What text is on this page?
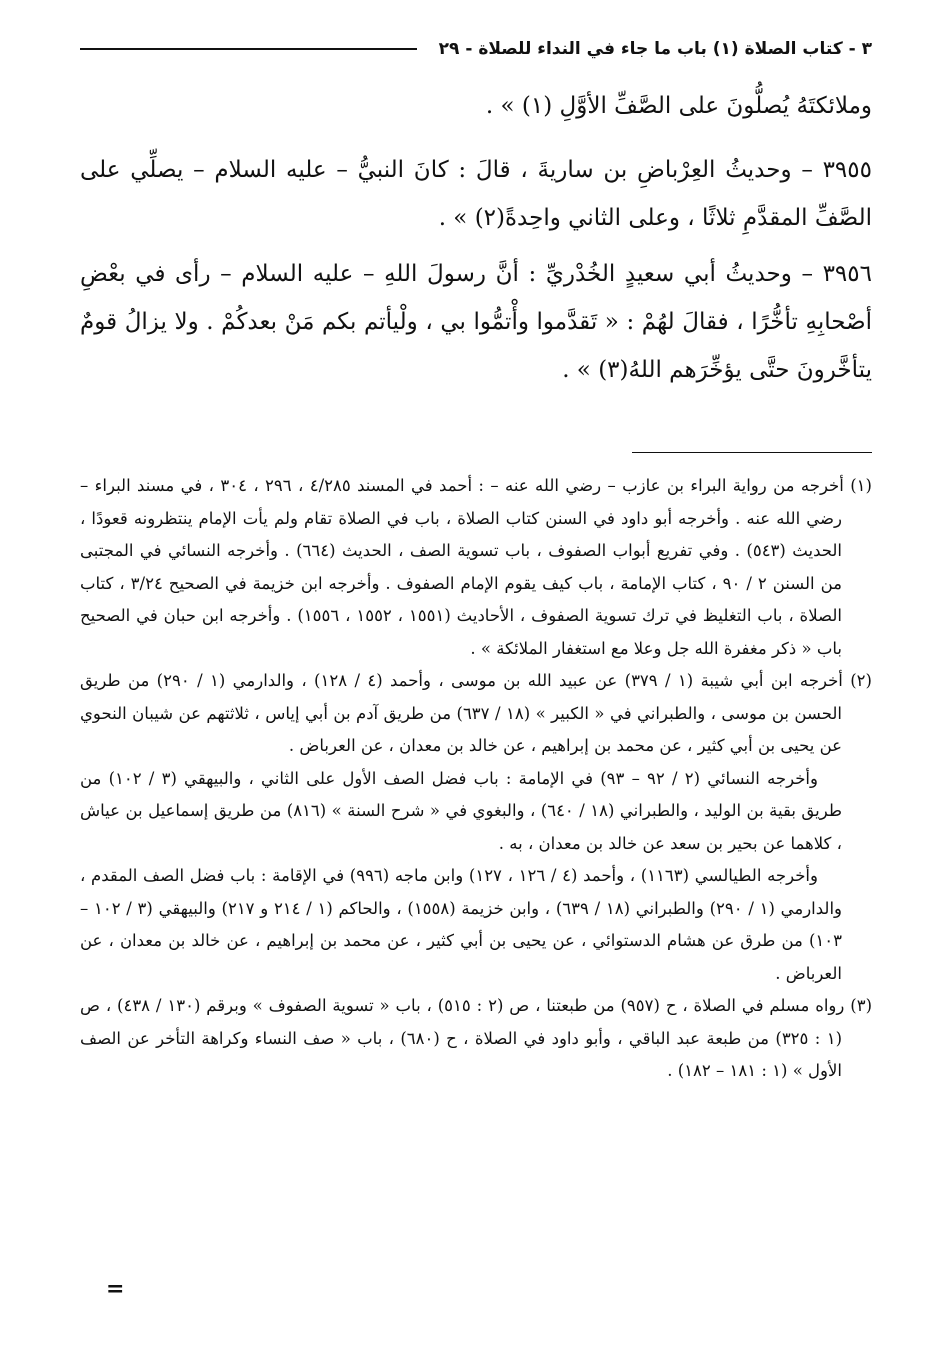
٣ - كتاب الصلاة (١) باب ما جاء في النداء للصلاة - ٢٩

وملائكتَهُ يُصلُّونَ على الصَّفِّ الأوَّلِ (١) » .

٣٩٥٥ – وحديثُ العِرْباضِ بن ساريةَ ، قالَ : كانَ النبيُّ – عليه السلام – يصلِّي على الصَّفِّ المقدَّمِ ثلاثًا ، وعلى الثاني واحِدةً(٢) » .

٣٩٥٦ – وحديثُ أبي سعيدٍ الخُدْريِّ : أنَّ رسولَ اللهِ – عليه السلام – رأى في بعْضِ أصْحابِهِ تأخُّرًا ، فقالَ لهُمْ : « تَقدَّموا وأْتمُّوا بي ، ولْيأتم بكم مَنْ بعدكُمْ . ولا يزالُ قومٌ يتأخَّرونَ حتَّى يؤخِّرَهم اللهُ(٣) » .

(١) أخرجه من رواية البراء بن عازب – رضي الله عنه – : أحمد في المسند ٤/٢٨٥ ، ٢٩٦ ، ٣٠٤ ، في مسند البراء – رضي الله عنه . وأخرجه أبو داود في السنن كتاب الصلاة ، باب في الصلاة تقام ولم يأت الإمام ينتظرونه قعودًا ، الحديث (٥٤٣) . وفي تفريع أبواب الصفوف ، باب تسوية الصف ، الحديث (٦٦٤) . وأخرجه النسائي في المجتبى من السنن ٢ / ٩٠ ، كتاب الإمامة ، باب كيف يقوم الإمام الصفوف . وأخرجه ابن خزيمة في الصحيح ٣/٢٤ ، كتاب الصلاة ، باب التغليظ في ترك تسوية الصفوف ، الأحاديث (١٥٥١ ، ١٥٥٢ ، ١٥٥٦) . وأخرجه ابن حبان في الصحيح باب « ذكر مغفرة الله جل وعلا مع استغفار الملائكة » .

(٢) أخرجه ابن أبي شيبة (١ / ٣٧٩) عن عبيد الله بن موسى ، وأحمد (٤ / ١٢٨) ، والدارمي (١ / ٢٩٠) من طريق الحسن بن موسى ، والطبراني في « الكبير » (١٨ / ٦٣٧) من طريق آدم بن أبي إياس ، ثلاثتهم عن شيبان النحوي عن يحيى بن أبي كثير ، عن محمد بن إبراهيم ، عن خالد بن معدان ، عن العرباض .

وأخرجه النسائي (٢ / ٩٢ – ٩٣) في الإمامة : باب فضل الصف الأول على الثاني ، والبيهقي (٣ / ١٠٢) من طريق بقية بن الوليد ، والطبراني (١٨ / ٦٤٠) ، والبغوي في « شرح السنة » (٨١٦) من طريق إسماعيل بن عياش ، كلاهما عن بحير بن سعد عن خالد بن معدان ، به .

وأخرجه الطيالسي (١١٦٣) ، وأحمد (٤ / ١٢٦ ، ١٢٧) وابن ماجه (٩٩٦) في الإقامة : باب فضل الصف المقدم ، والدارمي (١ / ٢٩٠) والطبراني (١٨ / ٦٣٩) ، وابن خزيمة (١٥٥٨) ، والحاكم (١ / ٢١٤ و ٢١٧) والبيهقي (٣ / ١٠٢ – ١٠٣) من طرق عن هشام الدستوائي ، عن يحيى بن أبي كثير ، عن محمد بن إبراهيم ، عن خالد بن معدان ، عن العرباض .

(٣) رواه مسلم في الصلاة ، ح (٩٥٧) من طبعتنا ، ص (٢ : ٥١٥) ، باب « تسوية الصفوف » وبرقم (١٣٠ / ٤٣٨) ، ص (١ : ٣٢٥) من طبعة عبد الباقي ، وأبو داود في الصلاة ، ح (٦٨٠) ، باب « صف النساء وكراهة التأخر عن الصف الأول » (١ : ١٨١ – ١٨٢) .

=
